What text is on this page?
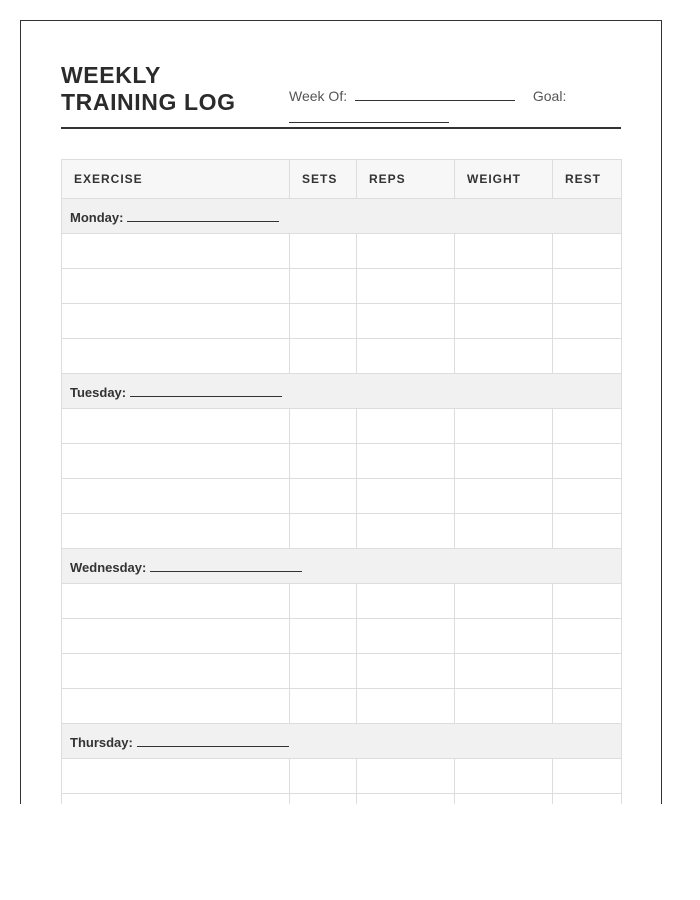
WEEKLY
TRAINING LOG	Week Of:	Goal:

EXERCISE	SETS	REPS	WEIGHT	REST
Monday:				

Tuesday:				

Wednesday:				

Thursday:				
